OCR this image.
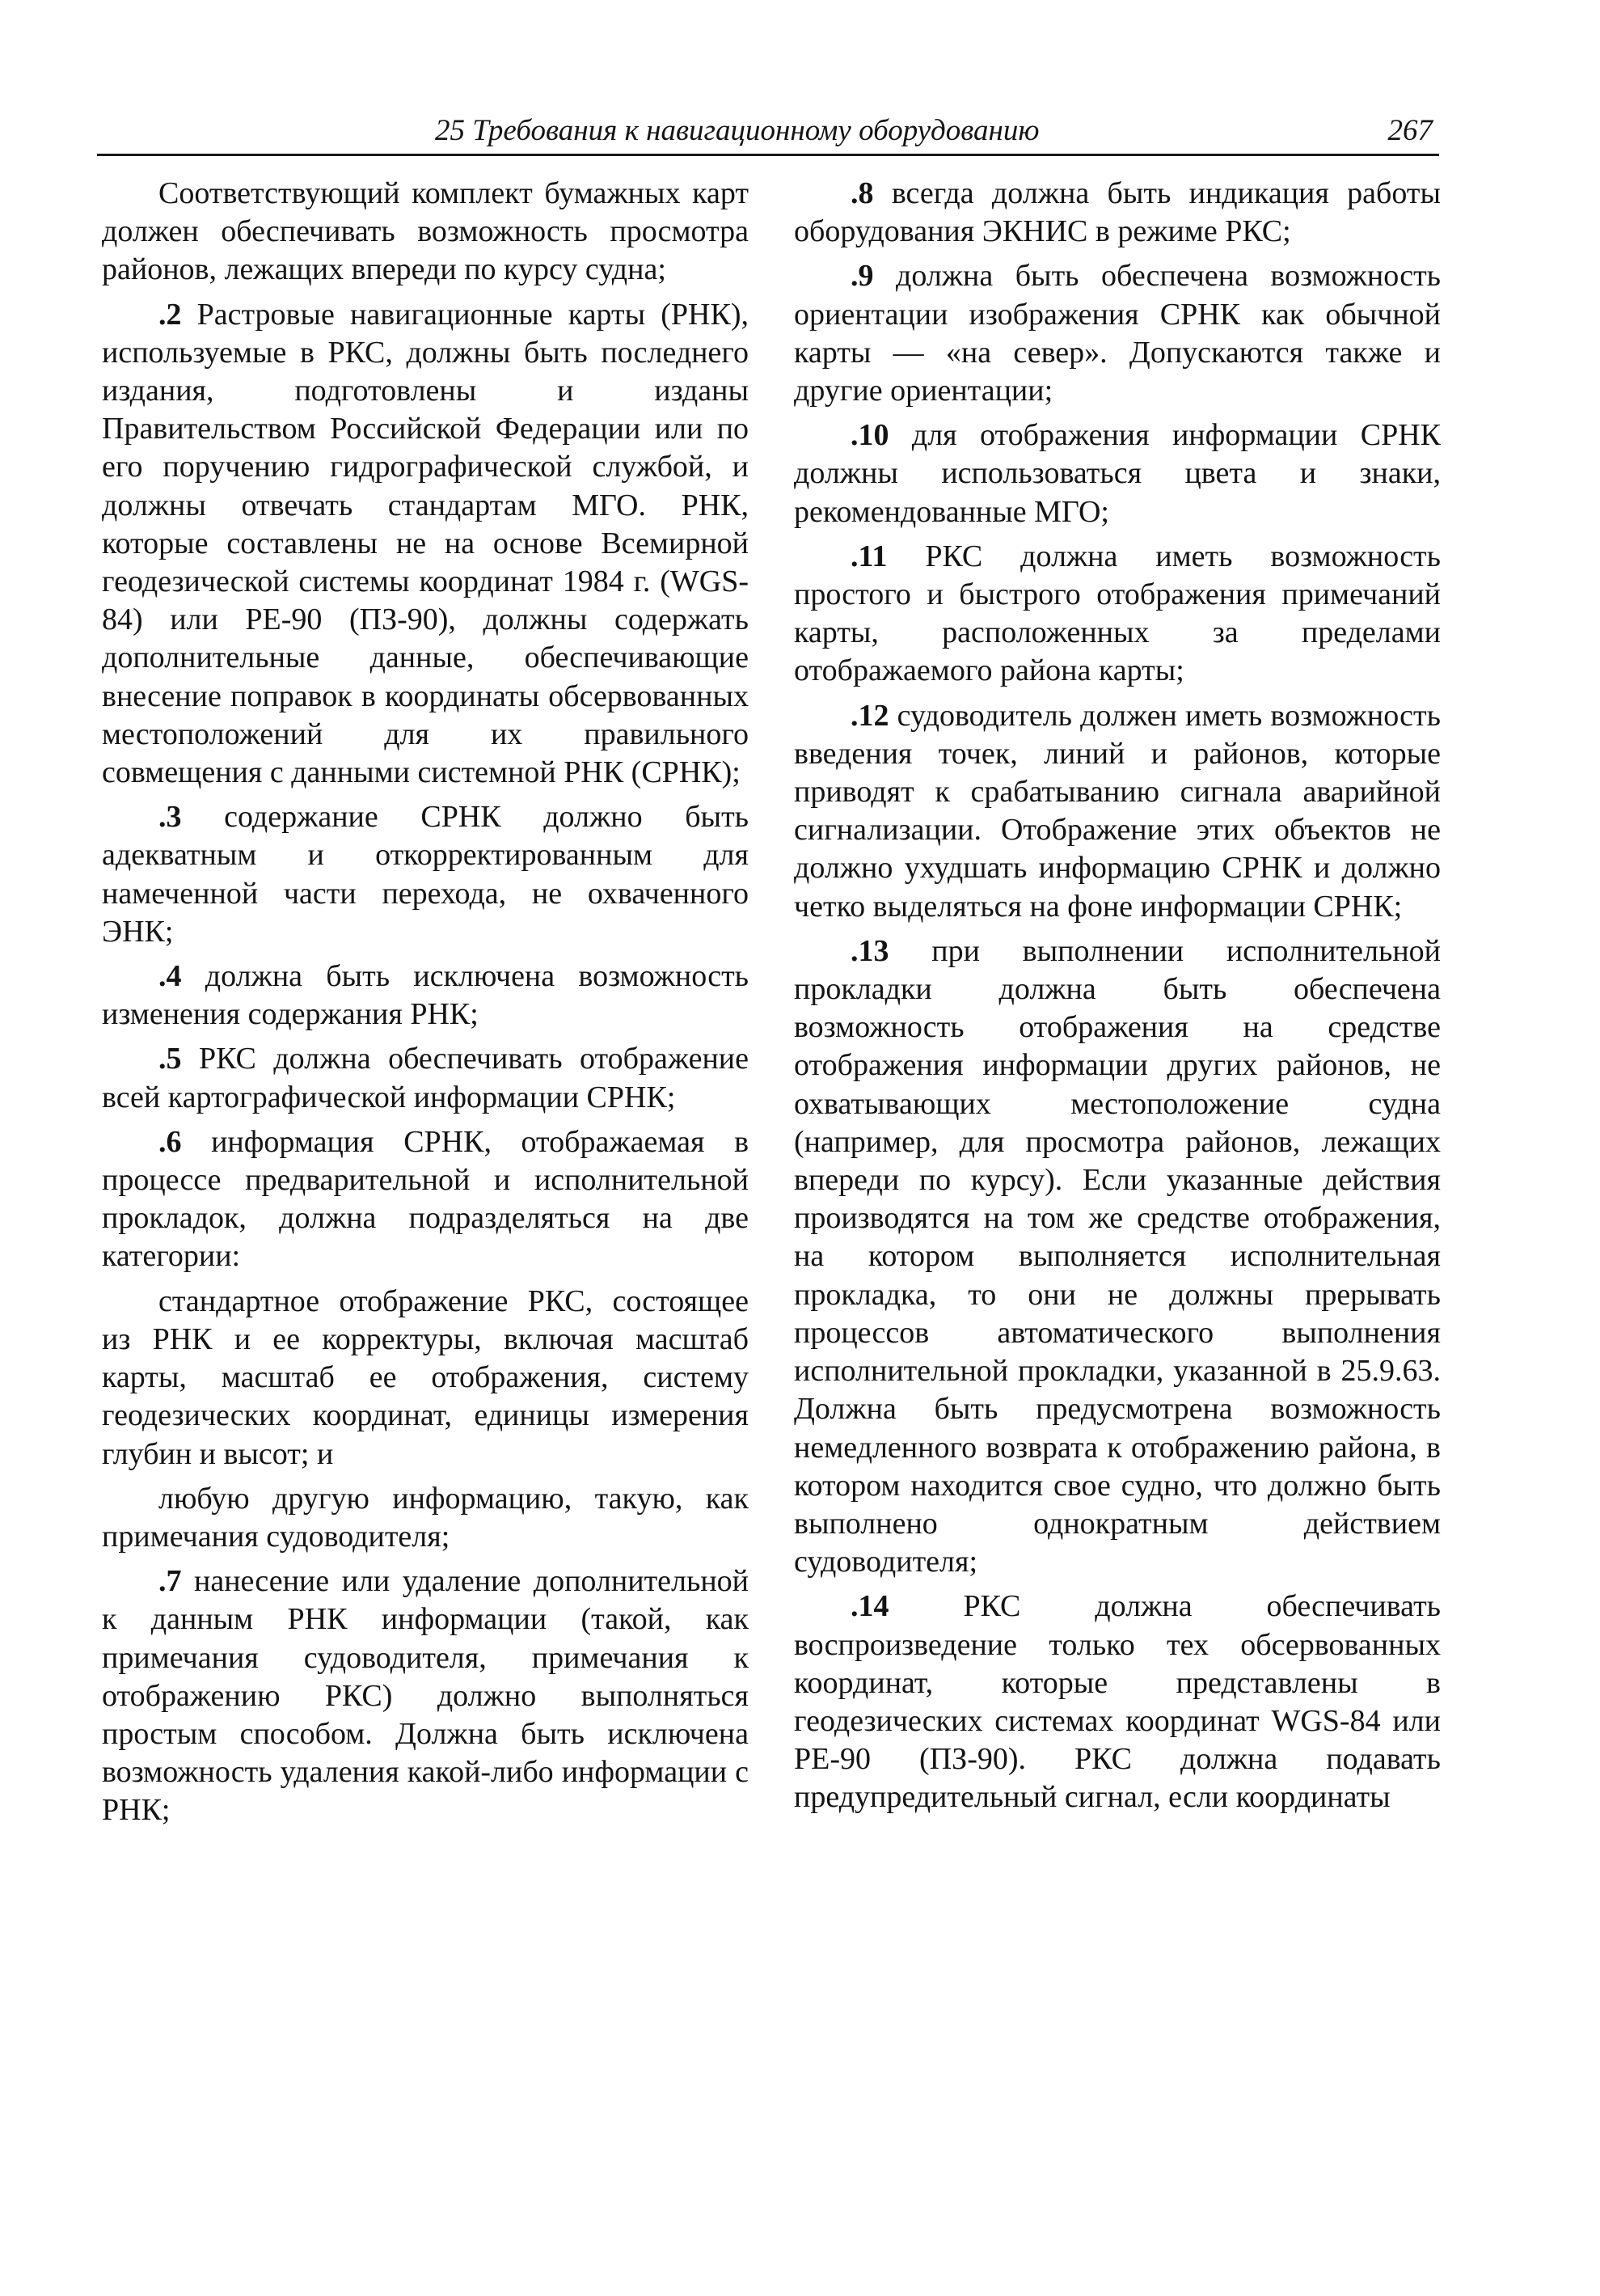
25 Требования к навигационному оборудованию	267

Соответствующий комплект бумажных карт должен обеспечивать возможность просмотра районов, лежащих впереди по курсу судна;

.2 Растровые навигационные карты (РНК), используемые в РКС, должны быть последнего издания, подготовлены и изданы Правительством Российской Федерации или по его поручению гидрографической службой, и должны отвечать стандартам МГО. РНК, которые составлены не на основе Всемирной геодезической системы координат 1984 г. (WGS-84) или PE-90 (ПЗ-90), должны содержать дополнительные данные, обеспечивающие внесение поправок в координаты обсервованных местоположений для их правильного совмещения с данными системной РНК (СРНК);

.3 содержание СРНК должно быть адекватным и откорректированным для намеченной части перехода, не охваченного ЭНК;

.4 должна быть исключена возможность изменения содержания РНК;

.5 РКС должна обеспечивать отображение всей картографической информации СРНК;

.6 информация СРНК, отображаемая в процессе предварительной и исполнительной прокладок, должна подразделяться на две категории:

стандартное отображение РКС, состоящее из РНК и ее корректуры, включая масштаб карты, масштаб ее отображения, систему геодезических координат, единицы измерения глубин и высот; и

любую другую информацию, такую, как примечания судоводителя;

.7 нанесение или удаление дополнительной к данным РНК информации (такой, как примечания судоводителя, примечания к отображению РКС) должно выполняться простым способом. Должна быть исключена возможность удаления какой-либо информации с РНК;

.8 всегда должна быть индикация работы оборудования ЭКНИС в режиме РКС;

.9 должна быть обеспечена возможность ориентации изображения СРНК как обычной карты — «на север». Допускаются также и другие ориентации;

.10 для отображения информации СРНК должны использоваться цвета и знаки, рекомендованные МГО;

.11 РКС должна иметь возможность простого и быстрого отображения примечаний карты, расположенных за пределами отображаемого района карты;

.12 судоводитель должен иметь возможность введения точек, линий и районов, которые приводят к срабатыванию сигнала аварийной сигнализации. Отображение этих объектов не должно ухудшать информацию СРНК и должно четко выделяться на фоне информации СРНК;

.13 при выполнении исполнительной прокладки должна быть обеспечена возможность отображения на средстве отображения информации других районов, не охватывающих местоположение судна (например, для просмотра районов, лежащих впереди по курсу). Если указанные действия производятся на том же средстве отображения, на котором выполняется исполнительная прокладка, то они не должны прерывать процессов автоматического выполнения исполнительной прокладки, указанной в 25.9.63. Должна быть предусмотрена возможность немедленного возврата к отображению района, в котором находится свое судно, что должно быть выполнено однократным действием судоводителя;

.14 РКС должна обеспечивать воспроизведение только тех обсервованных координат, которые представлены в геодезических системах координат WGS-84 или PE-90 (ПЗ-90). РКС должна подавать предупредительный сигнал, если координаты
